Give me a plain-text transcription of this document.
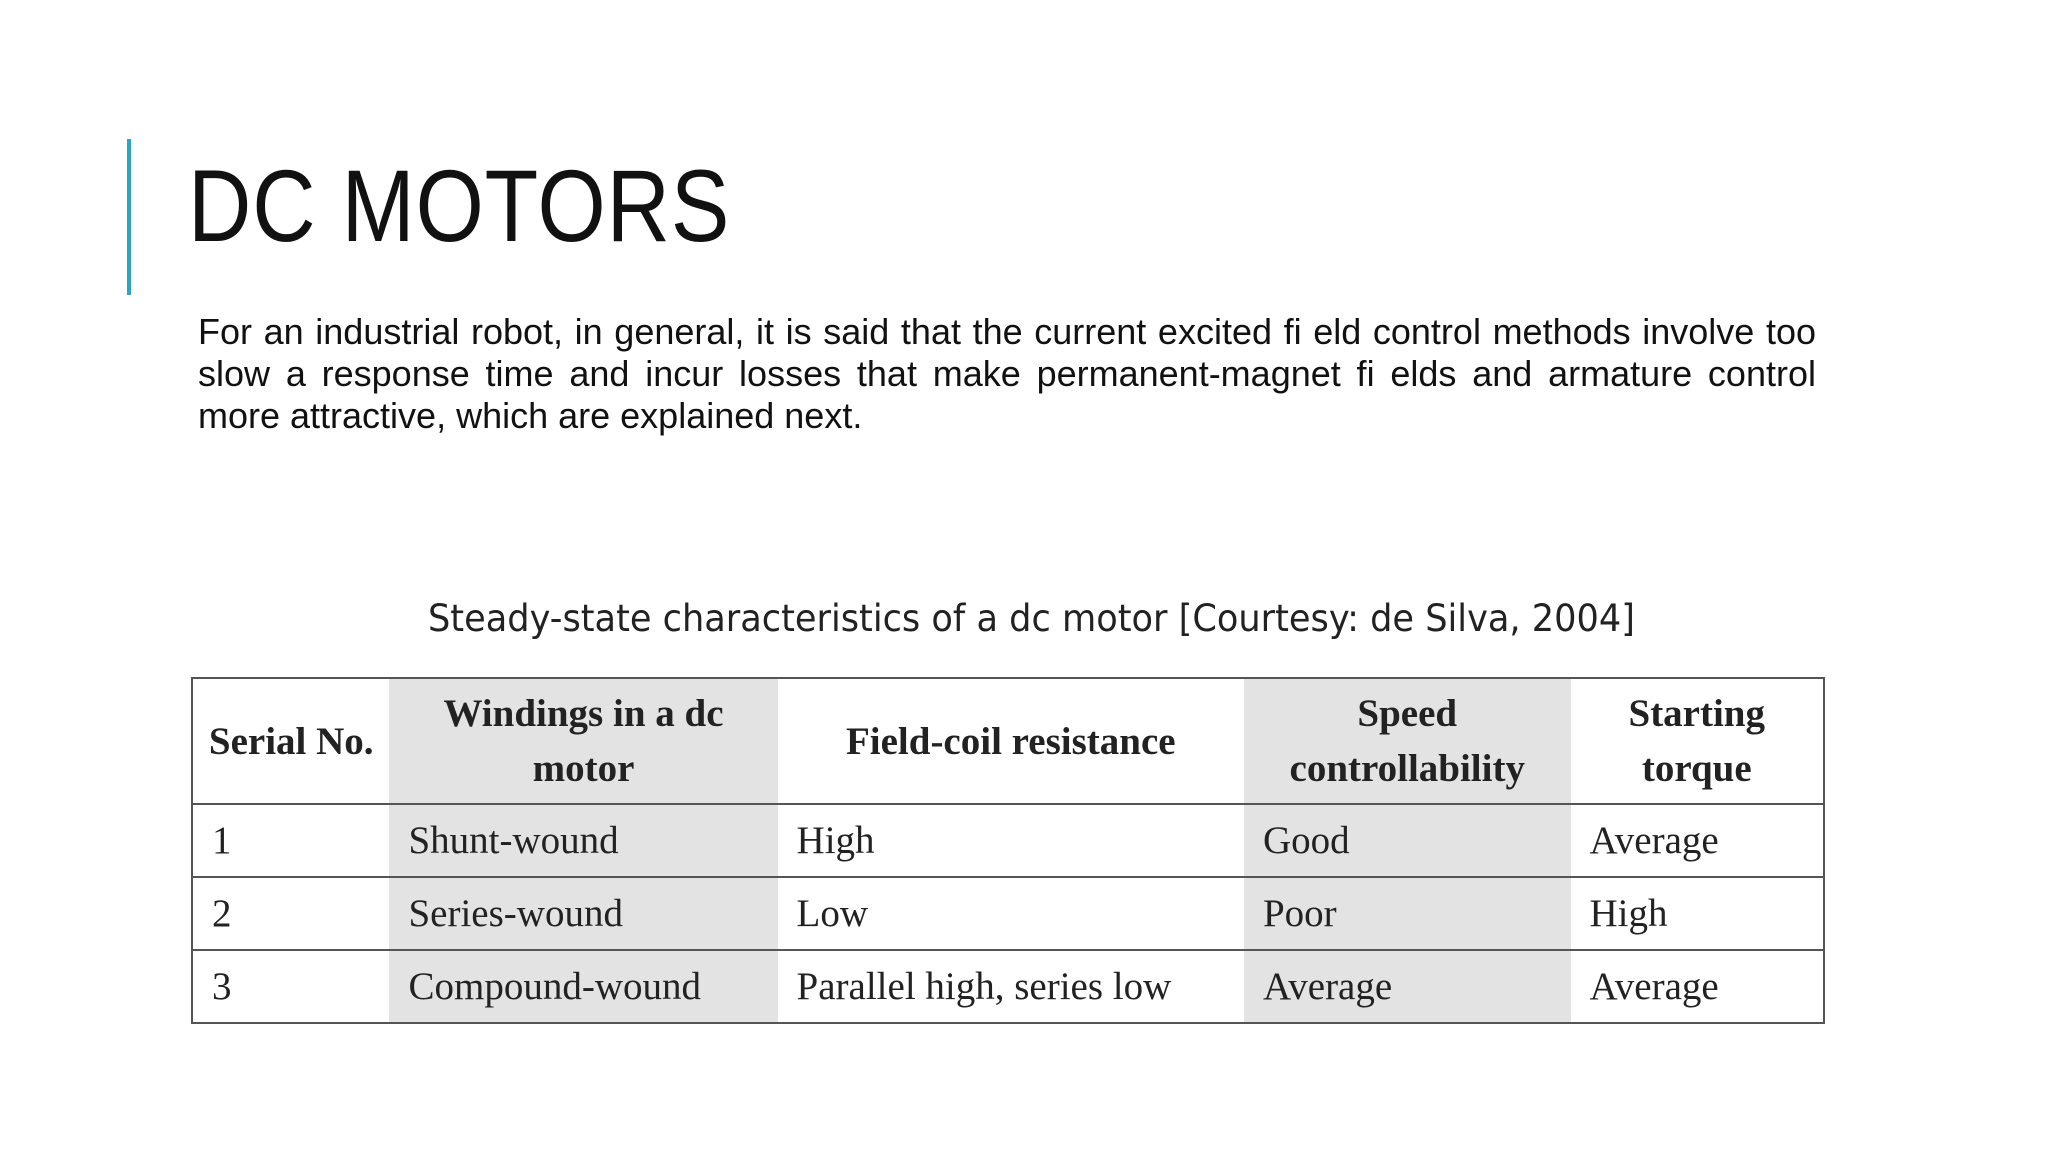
DC MOTORS

For an industrial robot, in general, it is said that the current excited fi eld control methods involve too slow a response time and incur losses that make permanent-magnet fi elds and armature control more attractive, which are explained next.

Steady-state characteristics of a dc motor [Courtesy: de Silva, 2004]

Serial No.	Windings in a dc motor	Field-coil resistance	Speed controllability	Starting torque
1	Shunt-wound	High	Good	Average
2	Series-wound	Low	Poor	High
3	Compound-wound	Parallel high, series low	Average	Average
